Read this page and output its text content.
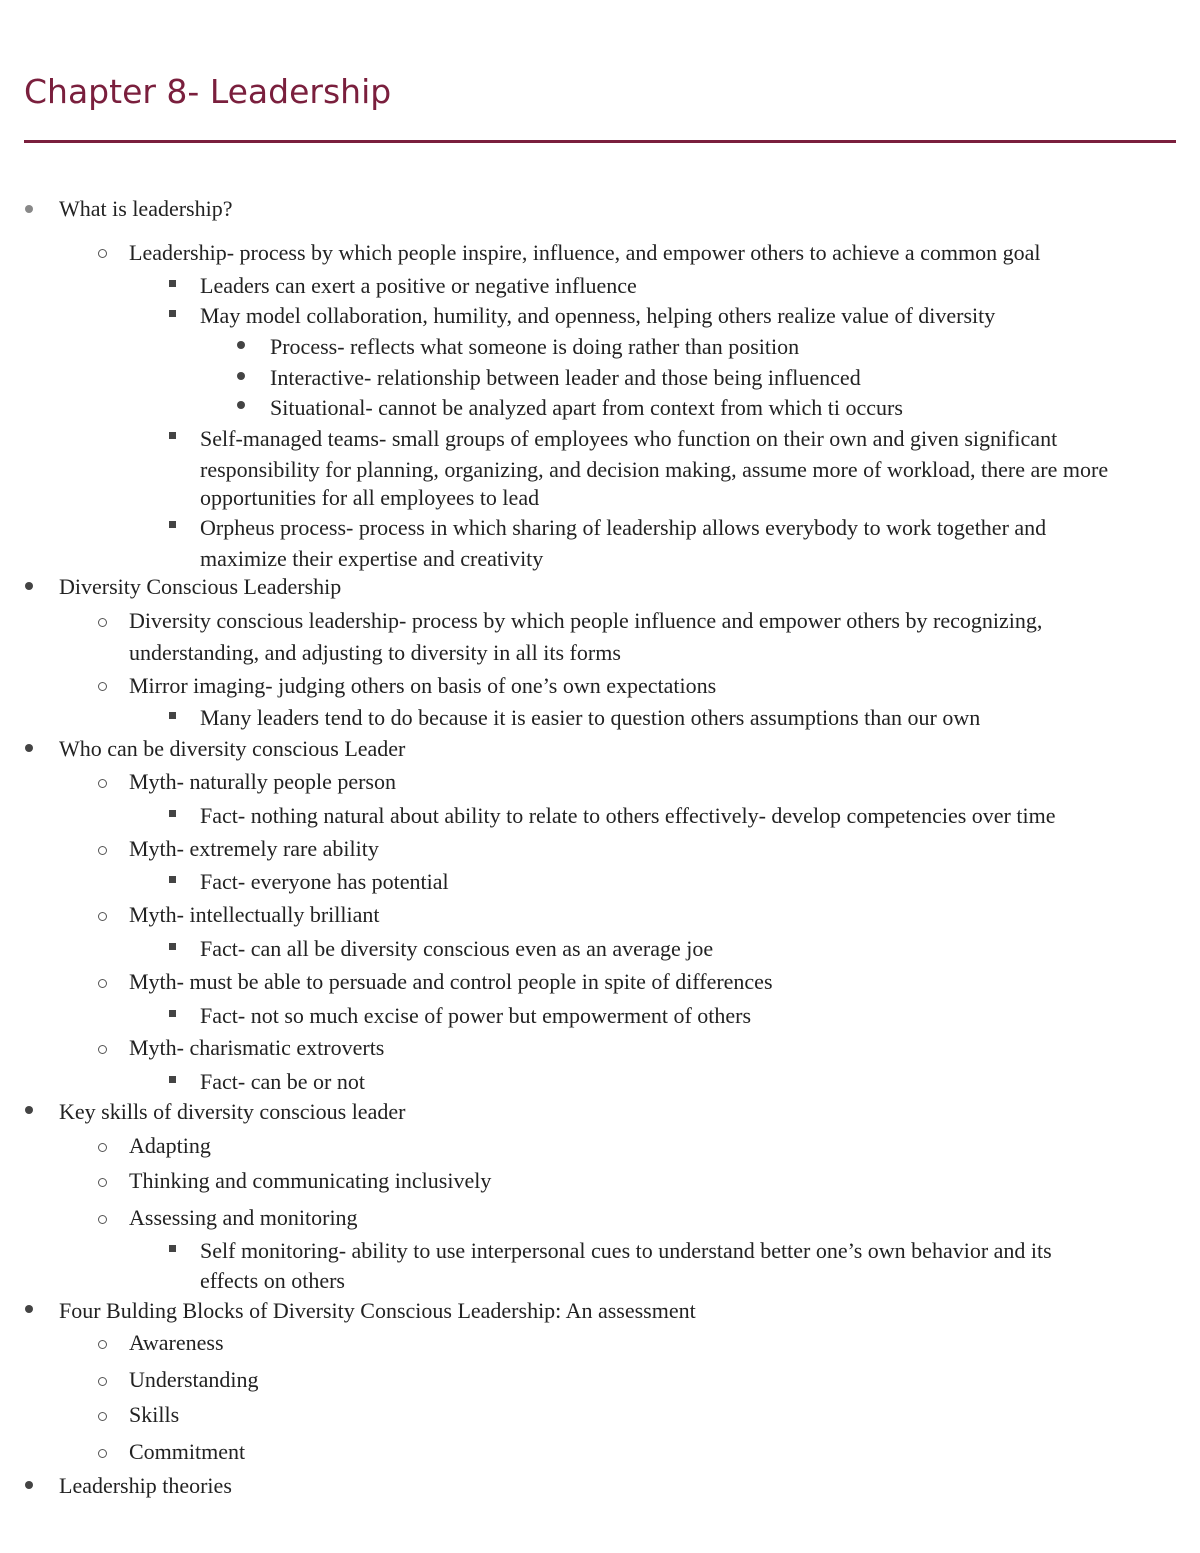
Chapter 8- Leadership
What is leadership?
Leadership- process by which people inspire, influence, and empower others to achieve a common goal
Leaders can exert a positive or negative influence
May model collaboration, humility, and openness, helping others realize value of diversity
Process- reflects what someone is doing rather than position
Interactive- relationship between leader and those being influenced
Situational- cannot be analyzed apart from context from which ti occurs
Self-managed teams- small groups of employees who function on their own and given significant
responsibility for planning, organizing, and decision making, assume more of workload, there are more
opportunities for all employees to lead
Orpheus process- process in which sharing of leadership allows everybody to work together and
maximize their expertise and creativity
Diversity Conscious Leadership
Diversity conscious leadership- process by which people influence and empower others by recognizing,
understanding, and adjusting to diversity in all its forms
Mirror imaging- judging others on basis of one’s own expectations
Many leaders tend to do because it is easier to question others assumptions than our own
Who can be diversity conscious Leader
Myth- naturally people person
Fact- nothing natural about ability to relate to others effectively- develop competencies over time
Myth- extremely rare ability
Fact- everyone has potential
Myth- intellectually brilliant
Fact- can all be diversity conscious even as an average joe
Myth- must be able to persuade and control people in spite of differences
Fact- not so much excise of power but empowerment of others
Myth- charismatic extroverts
Fact- can be or not
Key skills of diversity conscious leader
Adapting
Thinking and communicating inclusively
Assessing and monitoring
Self monitoring- ability to use interpersonal cues to understand better one’s own behavior and its
effects on others
Four Bulding Blocks of Diversity Conscious Leadership: An assessment
Awareness
Understanding
Skills
Commitment
Leadership theories
